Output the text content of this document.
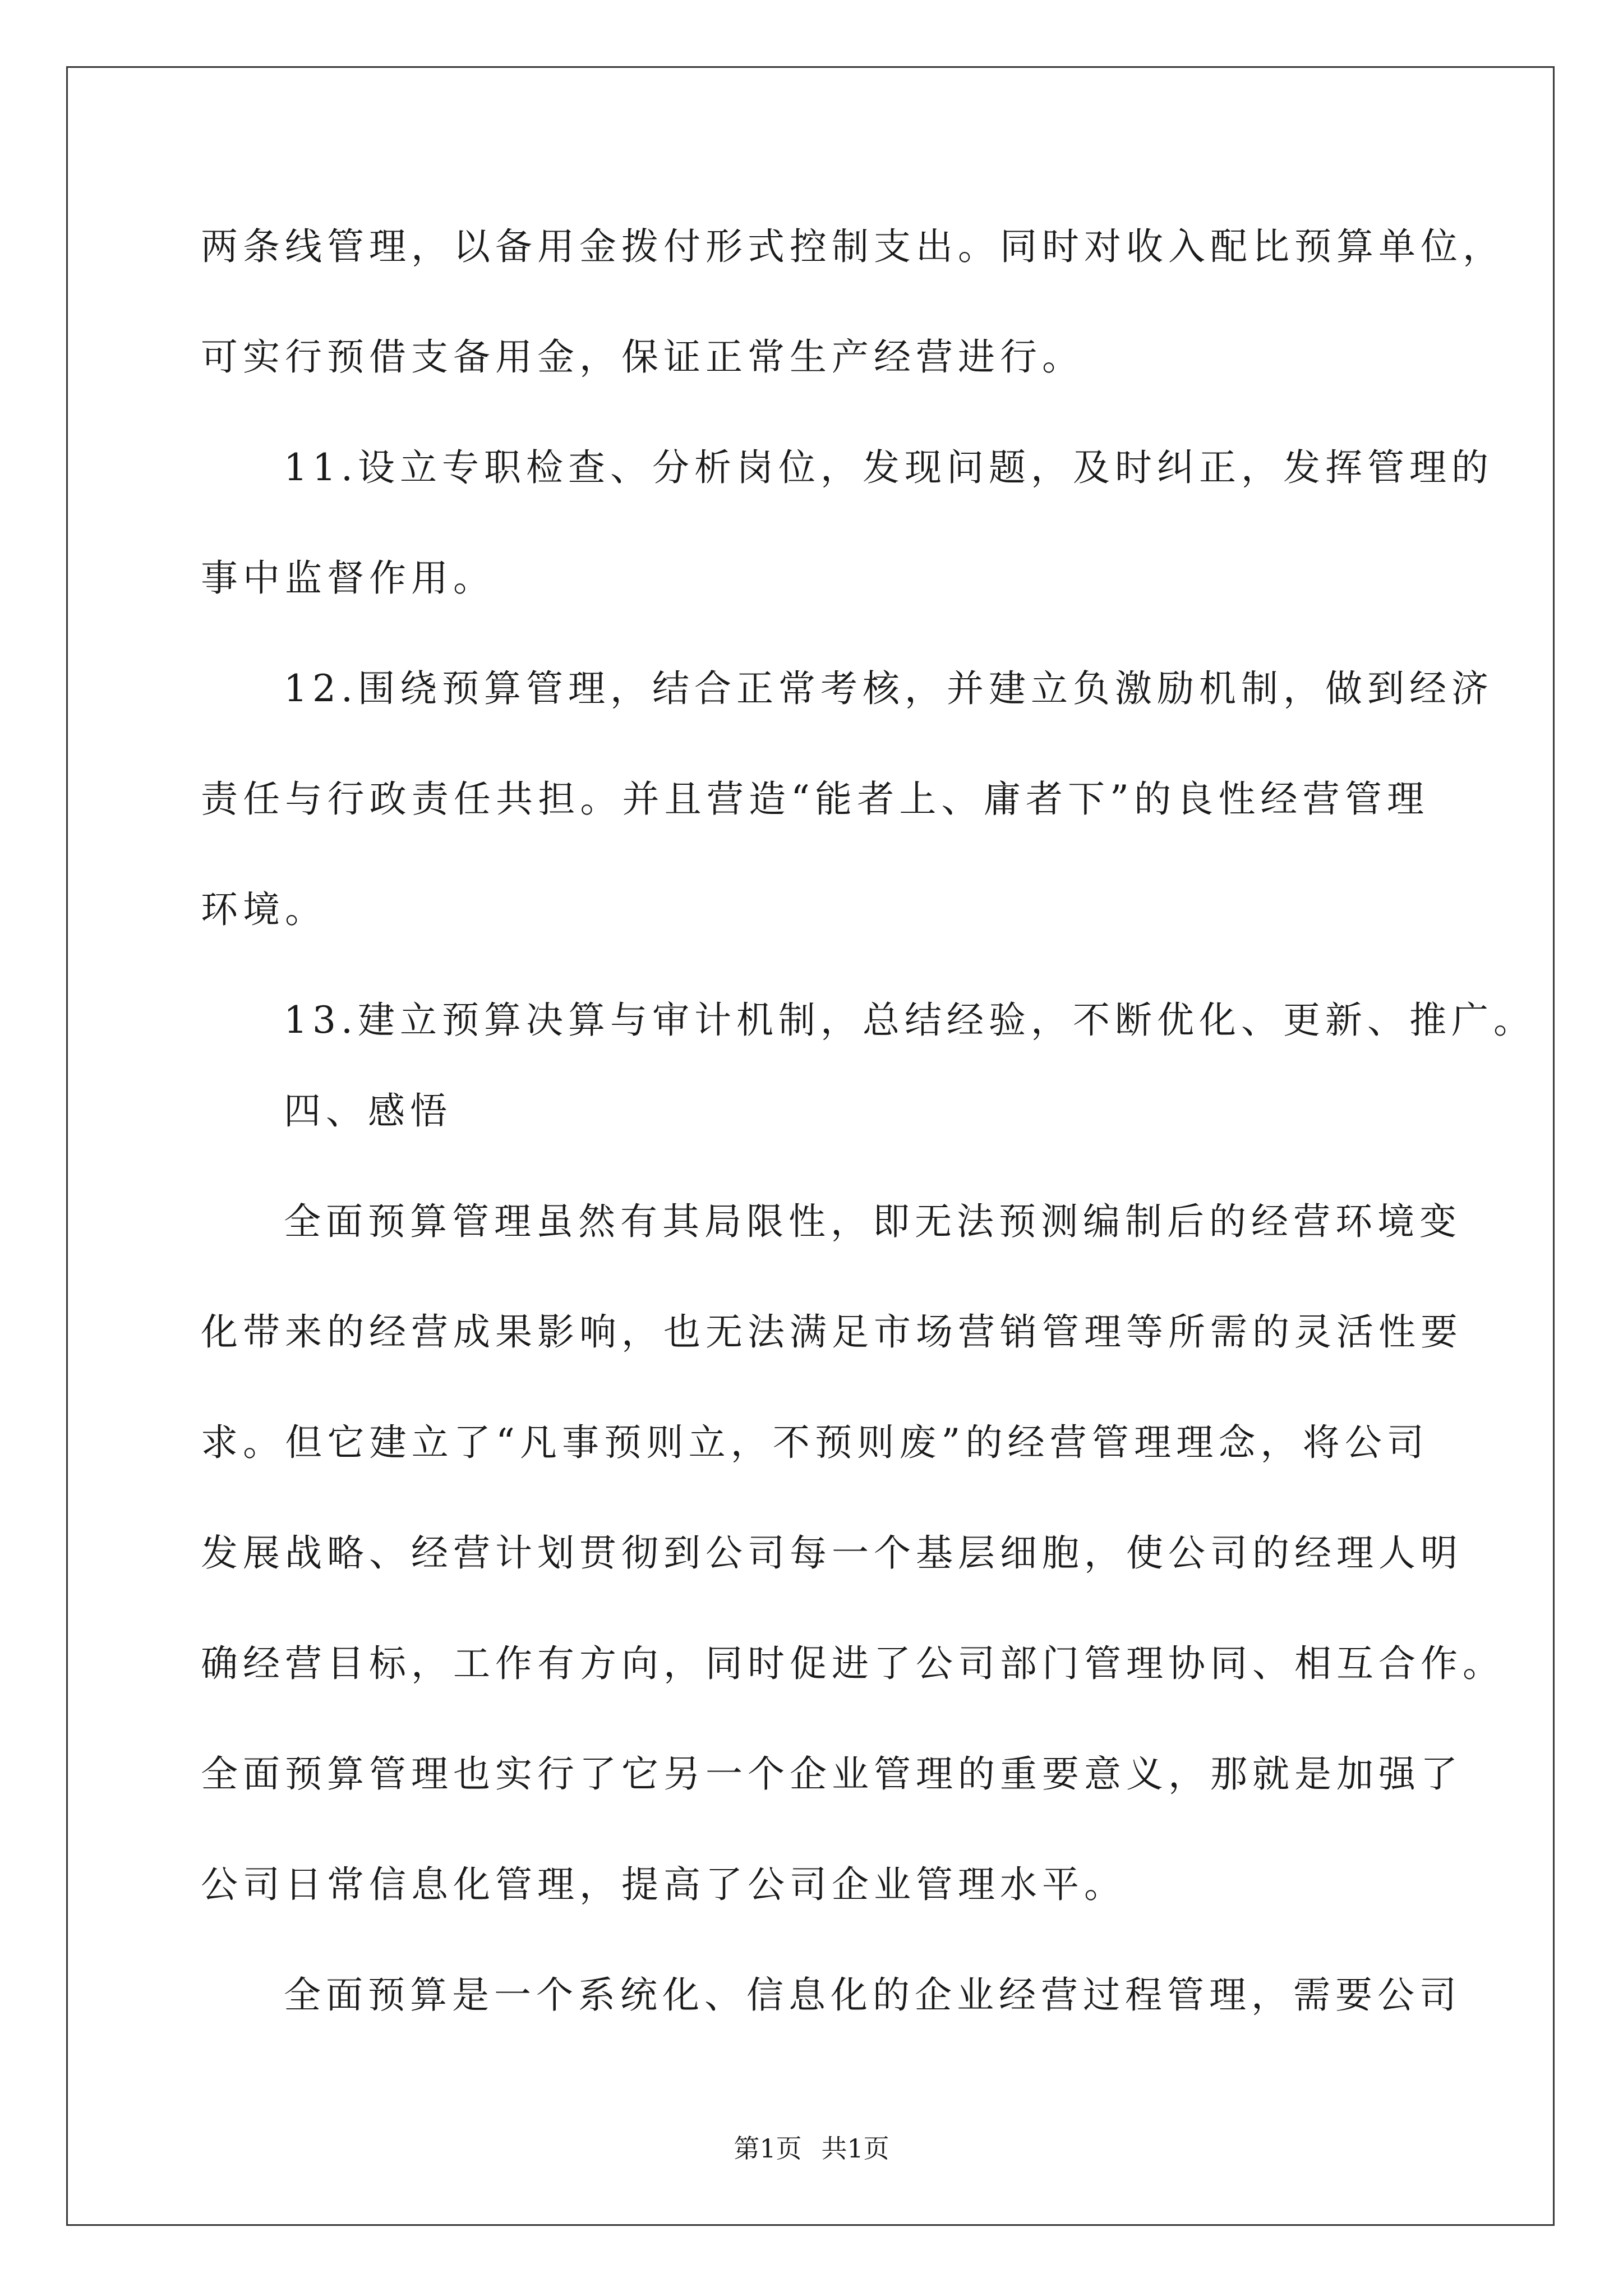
两条线管理，以备用金拨付形式控制支出。同时对收入配比预算单位，
可实行预借支备用金，保证正常生产经营进行。
11.设立专职检查、分析岗位，发现问题，及时纠正，发挥管理的
事中监督作用。
12.围绕预算管理，结合正常考核，并建立负激励机制，做到经济
责任与行政责任共担。并且营造“能者上、庸者下”的良性经营管理
环境。
13.建立预算决算与审计机制，总结经验，不断优化、更新、推广。
四、感悟
全面预算管理虽然有其局限性，即无法预测编制后的经营环境变
化带来的经营成果影响，也无法满足市场营销管理等所需的灵活性要
求。但它建立了“凡事预则立，不预则废”的经营管理理念，将公司
发展战略、经营计划贯彻到公司每一个基层细胞，使公司的经理人明
确经营目标，工作有方向，同时促进了公司部门管理协同、相互合作。
全面预算管理也实行了它另一个企业管理的重要意义，那就是加强了
公司日常信息化管理，提高了公司企业管理水平。
全面预算是一个系统化、信息化的企业经营过程管理，需要公司
第1页 共1页
